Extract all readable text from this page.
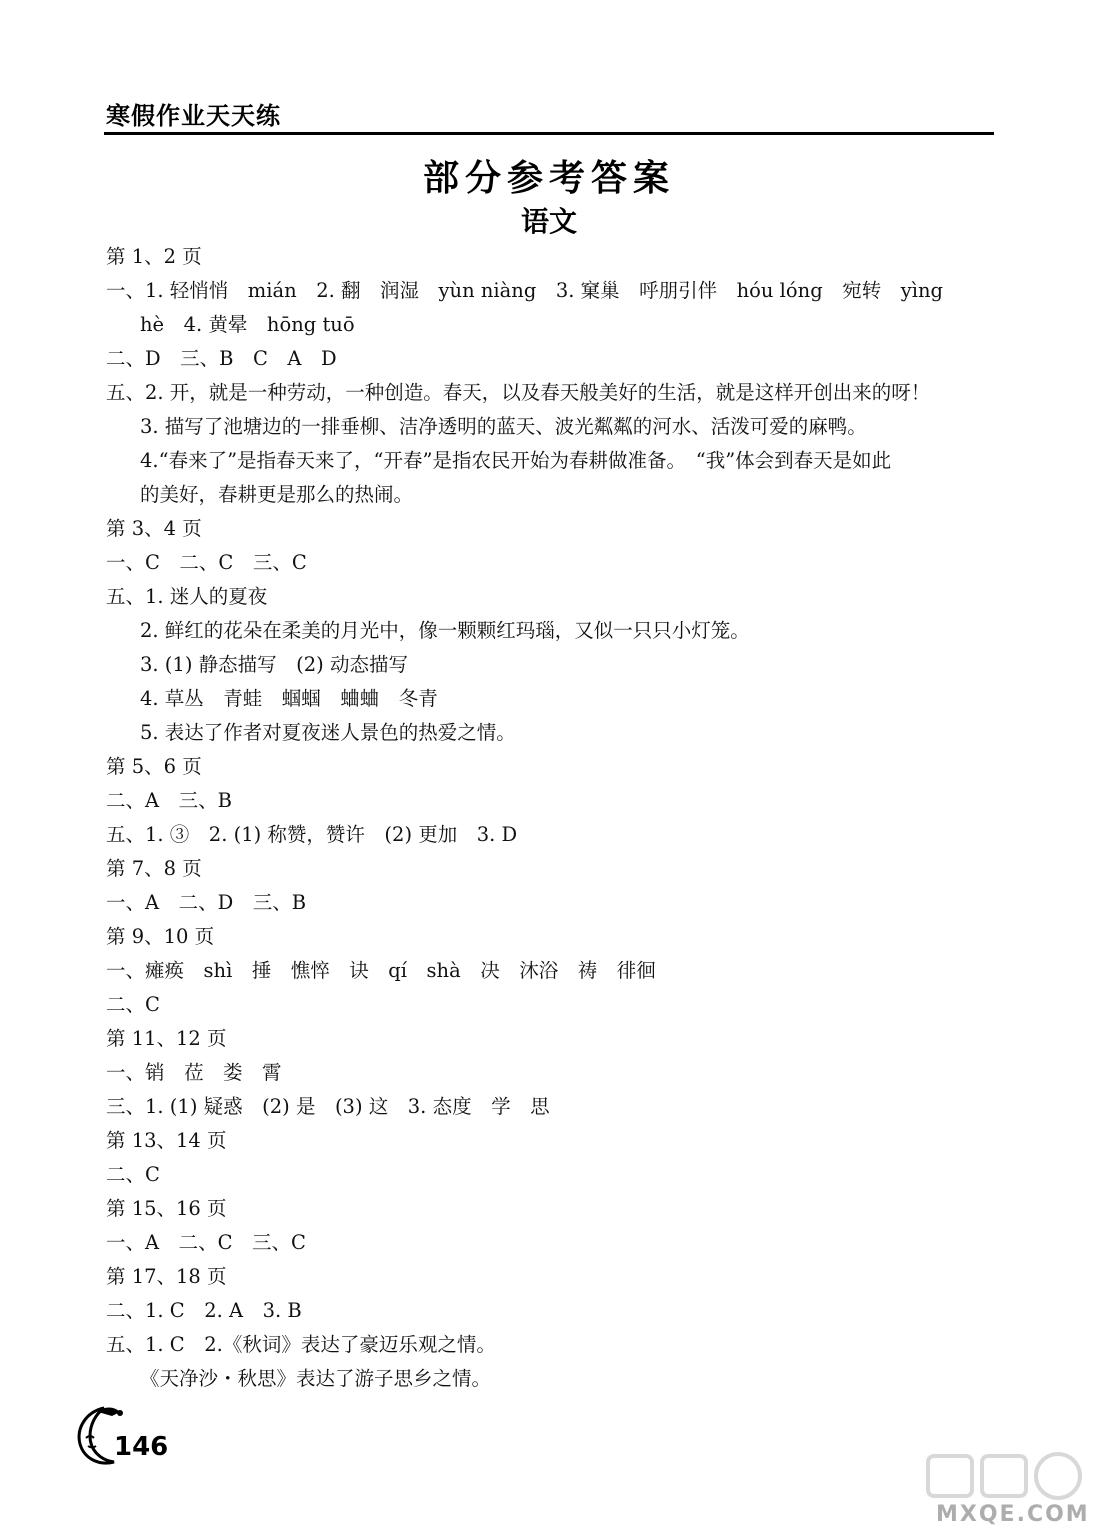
寒假作业天天练
部分参考答案
语文
第 1、2 页
一、1. 轻悄悄　mián　2. 翻　润湿　yùn niàng　3. 窠巢　呼朋引伴　hóu lóng　宛转　yìng
hè　4. 黄晕　hōng tuō
二、D　三、B　C　A　D
五、2. 开，就是一种劳动，一种创造。春天，以及春天般美好的生活，就是这样开创出来的呀！
3. 描写了池塘边的一排垂柳、洁净透明的蓝天、波光粼粼的河水、活泼可爱的麻鸭。
4.“春来了”是指春天来了，“开春”是指农民开始为春耕做准备。　“我”体会到春天是如此
的美好，春耕更是那么的热闹。
第 3、4 页
一、C　二、C　三、C
五、1. 迷人的夏夜
2. 鲜红的花朵在柔美的月光中，像一颗颗红玛瑙，又似一只只小灯笼。
3. (1) 静态描写　(2) 动态描写
4. 草丛　青蛙　蝈蝈　蛐蛐　冬青
5. 表达了作者对夏夜迷人景色的热爱之情。
第 5、6 页
二、A　三、B
五、1. ③　2. (1) 称赞，赞许　(2) 更加　3. D
第 7、8 页
一、A　二、D　三、B
第 9、10 页
一、瘫痪　shì　捶　憔悴　诀　qí　shà　决　沐浴　祷　徘徊
二、C
第 11、12 页
一、销　莅　娄　霄
三、1. (1) 疑惑　(2) 是　(3) 这　3. 态度　学　思
第 13、14 页
二、C
第 15、16 页
一、A　二、C　三、C
第 17、18 页
二、1. C　2. A　3. B
五、1. C　2.《秋词》表达了豪迈乐观之情。
《天净沙・秋思》表达了游子思乡之情。
146
MXQE.COM
